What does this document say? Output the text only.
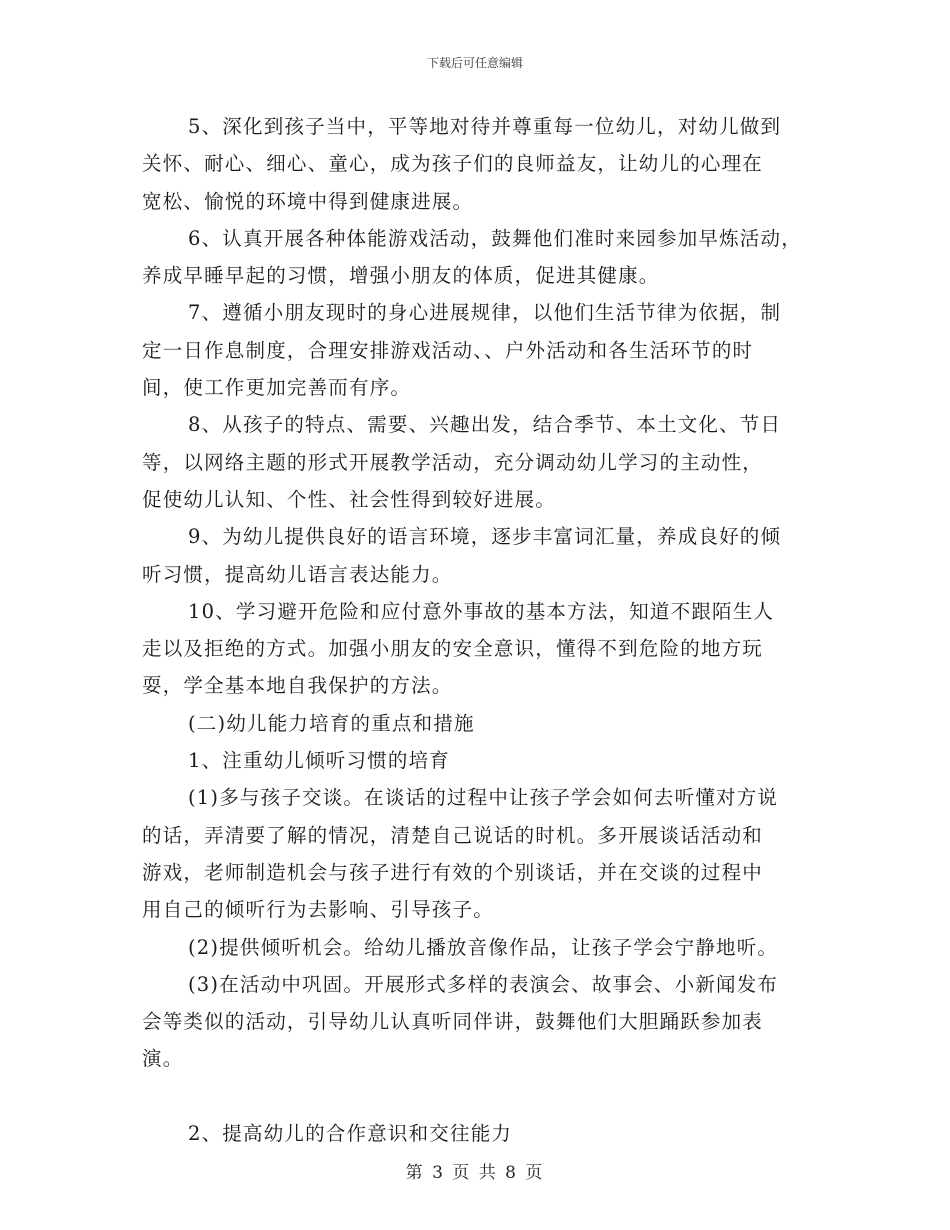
下载后可任意编辑
5、深化到孩子当中，平等地对待并尊重每一位幼儿，对幼儿做到
关怀、耐心、细心、童心，成为孩子们的良师益友，让幼儿的心理在
宽松、愉悦的环境中得到健康进展。
6、认真开展各种体能游戏活动，鼓舞他们准时来园参加早炼活动，
养成早睡早起的习惯，增强小朋友的体质，促进其健康。
7、遵循小朋友现时的身心进展规律，以他们生活节律为依据，制
定一日作息制度，合理安排游戏活动、、户外活动和各生活环节的时
间，使工作更加完善而有序。
8、从孩子的特点、需要、兴趣出发，结合季节、本土文化、节日
等，以网络主题的形式开展教学活动，充分调动幼儿学习的主动性，
促使幼儿认知、个性、社会性得到较好进展。
9、为幼儿提供良好的语言环境，逐步丰富词汇量，养成良好的倾
听习惯，提高幼儿语言表达能力。
10、学习避开危险和应付意外事故的基本方法，知道不跟陌生人
走以及拒绝的方式。加强小朋友的安全意识，懂得不到危险的地方玩
耍，学全基本地自我保护的方法。
(二)幼儿能力培育的重点和措施
1、注重幼儿倾听习惯的培育
(1)多与孩子交谈。在谈话的过程中让孩子学会如何去听懂对方说
的话，弄清要了解的情况，清楚自己说话的时机。多开展谈话活动和
游戏，老师制造机会与孩子进行有效的个别谈话，并在交谈的过程中
用自己的倾听行为去影响、引导孩子。
(2)提供倾听机会。给幼儿播放音像作品，让孩子学会宁静地听。
(3)在活动中巩固。开展形式多样的表演会、故事会、小新闻发布
会等类似的活动，引导幼儿认真听同伴讲，鼓舞他们大胆踊跃参加表
演。
2、提高幼儿的合作意识和交往能力
第 3 页 共 8 页
